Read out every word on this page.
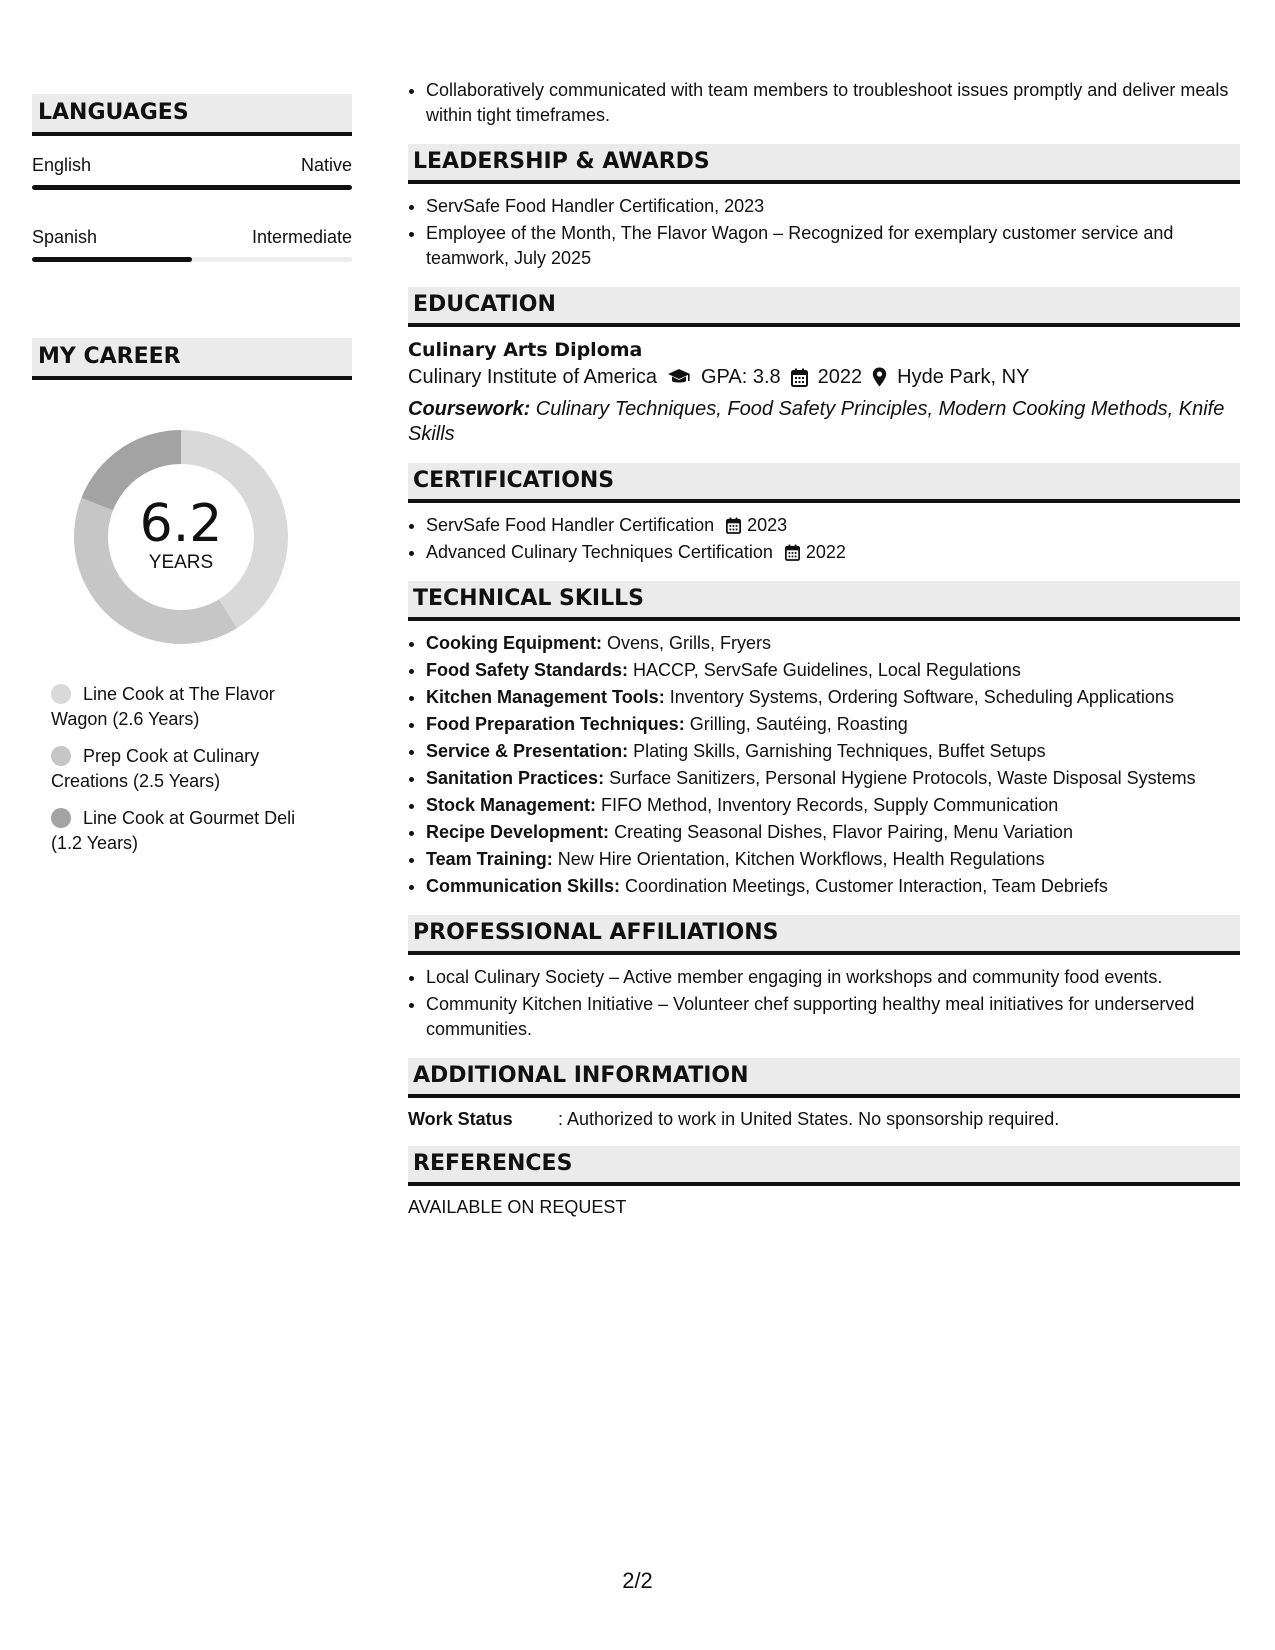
LANGUAGES
English	Native
Spanish	Intermediate
MY CAREER
6.2
YEARS
Line Cook at The Flavor Wagon (2.6 Years)
Prep Cook at Culinary Creations (2.5 Years)
Line Cook at Gourmet Deli (1.2 Years)
• Collaboratively communicated with team members to troubleshoot issues promptly and deliver meals within tight timeframes.
LEADERSHIP & AWARDS
• ServSafe Food Handler Certification, 2023
• Employee of the Month, The Flavor Wagon – Recognized for exemplary customer service and teamwork, July 2025
EDUCATION
Culinary Arts Diploma
Culinary Institute of America GPA: 3.8 2022 Hyde Park, NY
Coursework: Culinary Techniques, Food Safety Principles, Modern Cooking Methods, Knife Skills
CERTIFICATIONS
• ServSafe Food Handler Certification 2023
• Advanced Culinary Techniques Certification 2022
TECHNICAL SKILLS
• Cooking Equipment: Ovens, Grills, Fryers
• Food Safety Standards: HACCP, ServSafe Guidelines, Local Regulations
• Kitchen Management Tools: Inventory Systems, Ordering Software, Scheduling Applications
• Food Preparation Techniques: Grilling, Sautéing, Roasting
• Service & Presentation: Plating Skills, Garnishing Techniques, Buffet Setups
• Sanitation Practices: Surface Sanitizers, Personal Hygiene Protocols, Waste Disposal Systems
• Stock Management: FIFO Method, Inventory Records, Supply Communication
• Recipe Development: Creating Seasonal Dishes, Flavor Pairing, Menu Variation
• Team Training: New Hire Orientation, Kitchen Workflows, Health Regulations
• Communication Skills: Coordination Meetings, Customer Interaction, Team Debriefs
PROFESSIONAL AFFILIATIONS
• Local Culinary Society – Active member engaging in workshops and community food events.
• Community Kitchen Initiative – Volunteer chef supporting healthy meal initiatives for underserved communities.
ADDITIONAL INFORMATION
Work Status	: Authorized to work in United States. No sponsorship required.
REFERENCES
AVAILABLE ON REQUEST
2/2
